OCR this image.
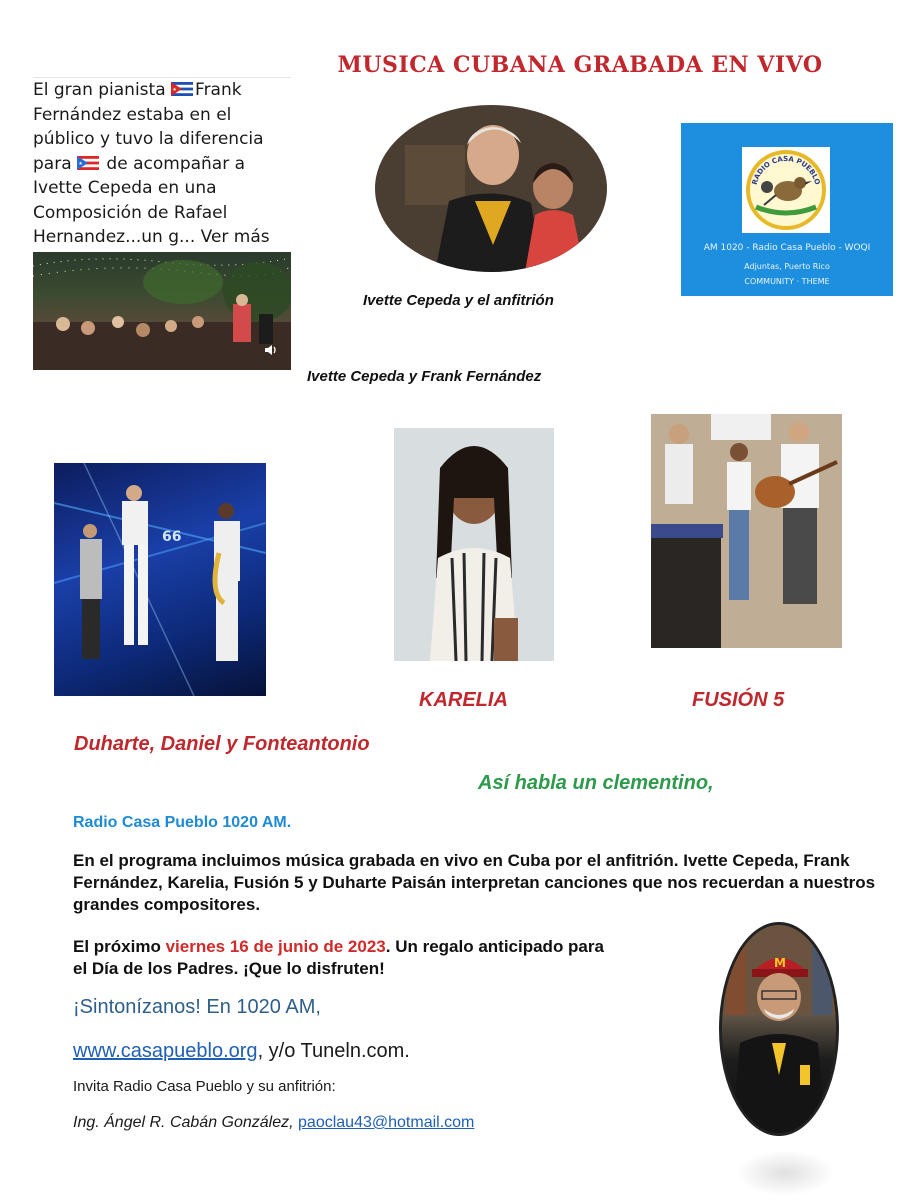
MUSICA CUBANA GRABADA EN VIVO
El gran pianista Frank
Fernández estaba en el
público y tuvo la diferencia
para  de acompañar a
Ivette Cepeda en una
Composición de Rafael
Hernandez...un g... Ver más
Ivette Cepeda y Frank Fernández
Ivette Cepeda y el anfitrión
RADIO CASA PUEBLO
AM 1020 - Radio Casa Pueblo - WOQI
Adjuntas, Puerto Rico
COMMUNITY · THEME
66
Duharte, Daniel y Fonteantonio
KARELIA	FUSIÓN 5
Así habla un clementino,
Radio Casa Pueblo 1020 AM.
En el programa incluimos música grabada en vivo en Cuba por el anfitrión. Ivette Cepeda, Frank Fernández, Karelia, Fusión 5 y Duharte Paisán interpretan canciones que nos recuerdan a nuestros grandes compositores.
El próximo viernes 16 de junio de 2023. Un regalo anticipado para
el Día de los Padres. ¡Que lo disfruten!
¡Sintonízanos! En 1020 AM,
www.casapueblo.org, y/o Tuneln.com.
Invita Radio Casa Pueblo y su anfitrión:
Ing. Ángel R. Cabán González, paoclau43@hotmail.com
M
